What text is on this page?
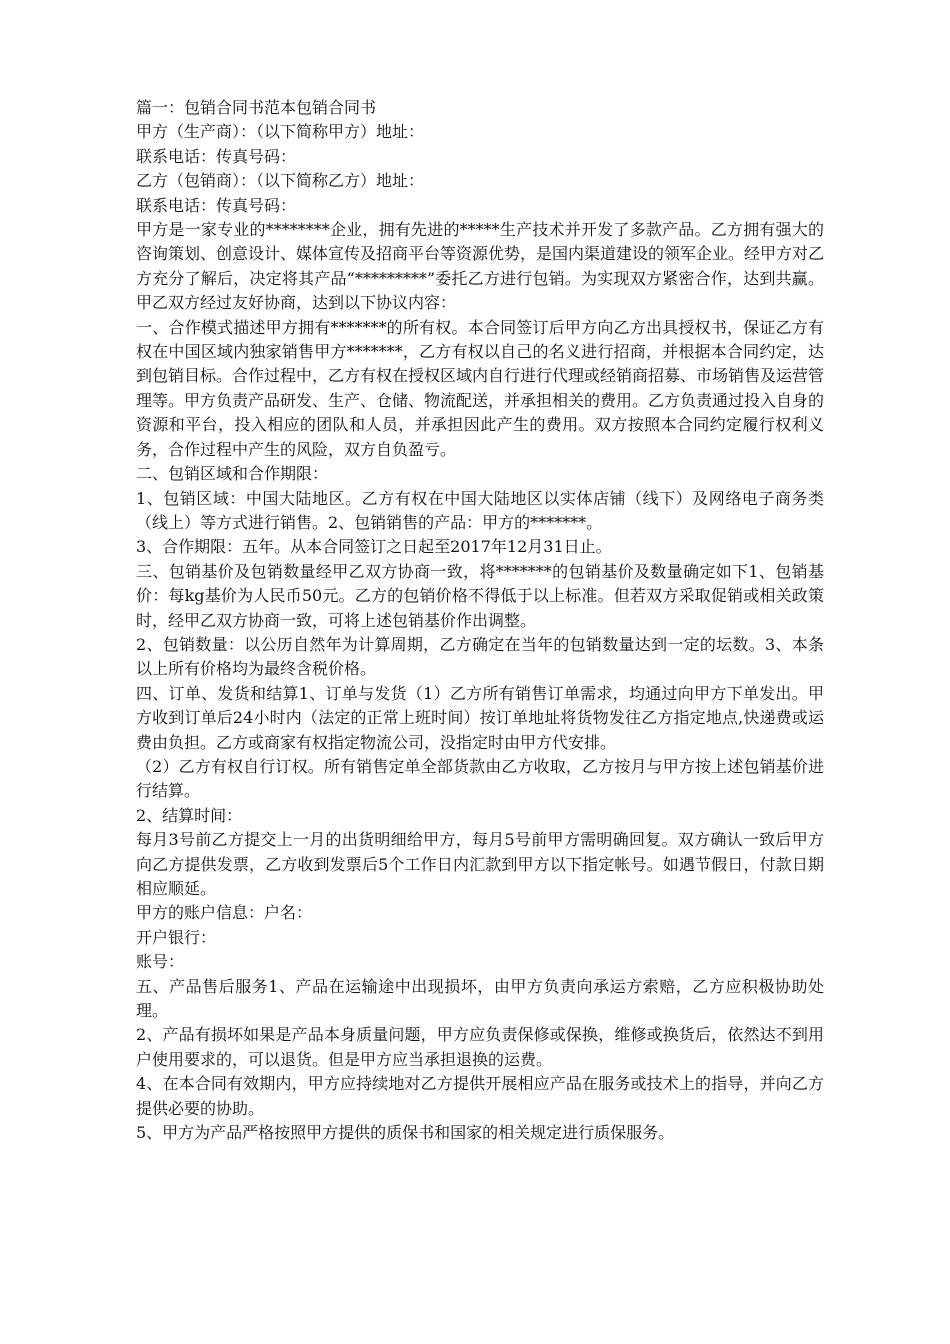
篇一：包销合同书范本包销合同书

甲方（生产商）：（以下简称甲方）地址：

联系电话：传真号码：

乙方（包销商）：（以下简称乙方）地址：

联系电话：传真号码：

甲方是一家专业的********企业，拥有先进的*****生产技术并开发了多款产品。乙方拥有强大的咨询策划、创意设计、媒体宣传及招商平台等资源优势，是国内渠道建设的领军企业。经甲方对乙方充分了解后，决定将其产品“*********”委托乙方进行包销。为实现双方紧密合作，达到共赢。甲乙双方经过友好协商，达到以下协议内容：

一、合作模式描述甲方拥有*******的所有权。本合同签订后甲方向乙方出具授权书，保证乙方有权在中国区域内独家销售甲方*******，乙方有权以自己的名义进行招商，并根据本合同约定，达到包销目标。合作过程中，乙方有权在授权区域内自行进行代理或经销商招募、市场销售及运营管理等。甲方负责产品研发、生产、仓储、物流配送，并承担相关的费用。乙方负责通过投入自身的资源和平台，投入相应的团队和人员，并承担因此产生的费用。双方按照本合同约定履行权利义务，合作过程中产生的风险，双方自负盈亏。

二、包销区域和合作期限：

1、包销区域：中国大陆地区。乙方有权在中国大陆地区以实体店铺（线下）及网络电子商务类（线上）等方式进行销售。2、包销销售的产品：甲方的*******。

3、合作期限：五年。从本合同签订之日起至2017年12月31日止。

三、包销基价及包销数量经甲乙双方协商一致，将*******的包销基价及数量确定如下1、包销基价：每kg基价为人民币50元。乙方的包销价格不得低于以上标准。但若双方采取促销或相关政策时，经甲乙双方协商一致，可将上述包销基价作出调整。

2、包销数量：以公历自然年为计算周期，乙方确定在当年的包销数量达到一定的坛数。3、本条以上所有价格均为最终含税价格。

四、订单、发货和结算1、订单与发货（1）乙方所有销售订单需求，均通过向甲方下单发出。甲方收到订单后24小时内（法定的正常上班时间）按订单地址将货物发往乙方指定地点,快递费或运费由负担。乙方或商家有权指定物流公司，没指定时由甲方代安排。

（2）乙方有权自行订权。所有销售定单全部货款由乙方收取，乙方按月与甲方按上述包销基价进行结算。

2、结算时间：

每月3号前乙方提交上一月的出货明细给甲方，每月5号前甲方需明确回复。双方确认一致后甲方向乙方提供发票，乙方收到发票后5个工作日内汇款到甲方以下指定帐号。如遇节假日，付款日期相应顺延。

甲方的账户信息：户名：

开户银行：

账号：

五、产品售后服务1、产品在运输途中出现损坏，由甲方负责向承运方索赔，乙方应积极协助处理。

2、产品有损坏如果是产品本身质量问题，甲方应负责保修或保换，维修或换货后，依然达不到用户使用要求的，可以退货。但是甲方应当承担退换的运费。

4、在本合同有效期内，甲方应持续地对乙方提供开展相应产品在服务或技术上的指导，并向乙方提供必要的协助。

5、甲方为产品严格按照甲方提供的质保书和国家的相关规定进行质保服务。
